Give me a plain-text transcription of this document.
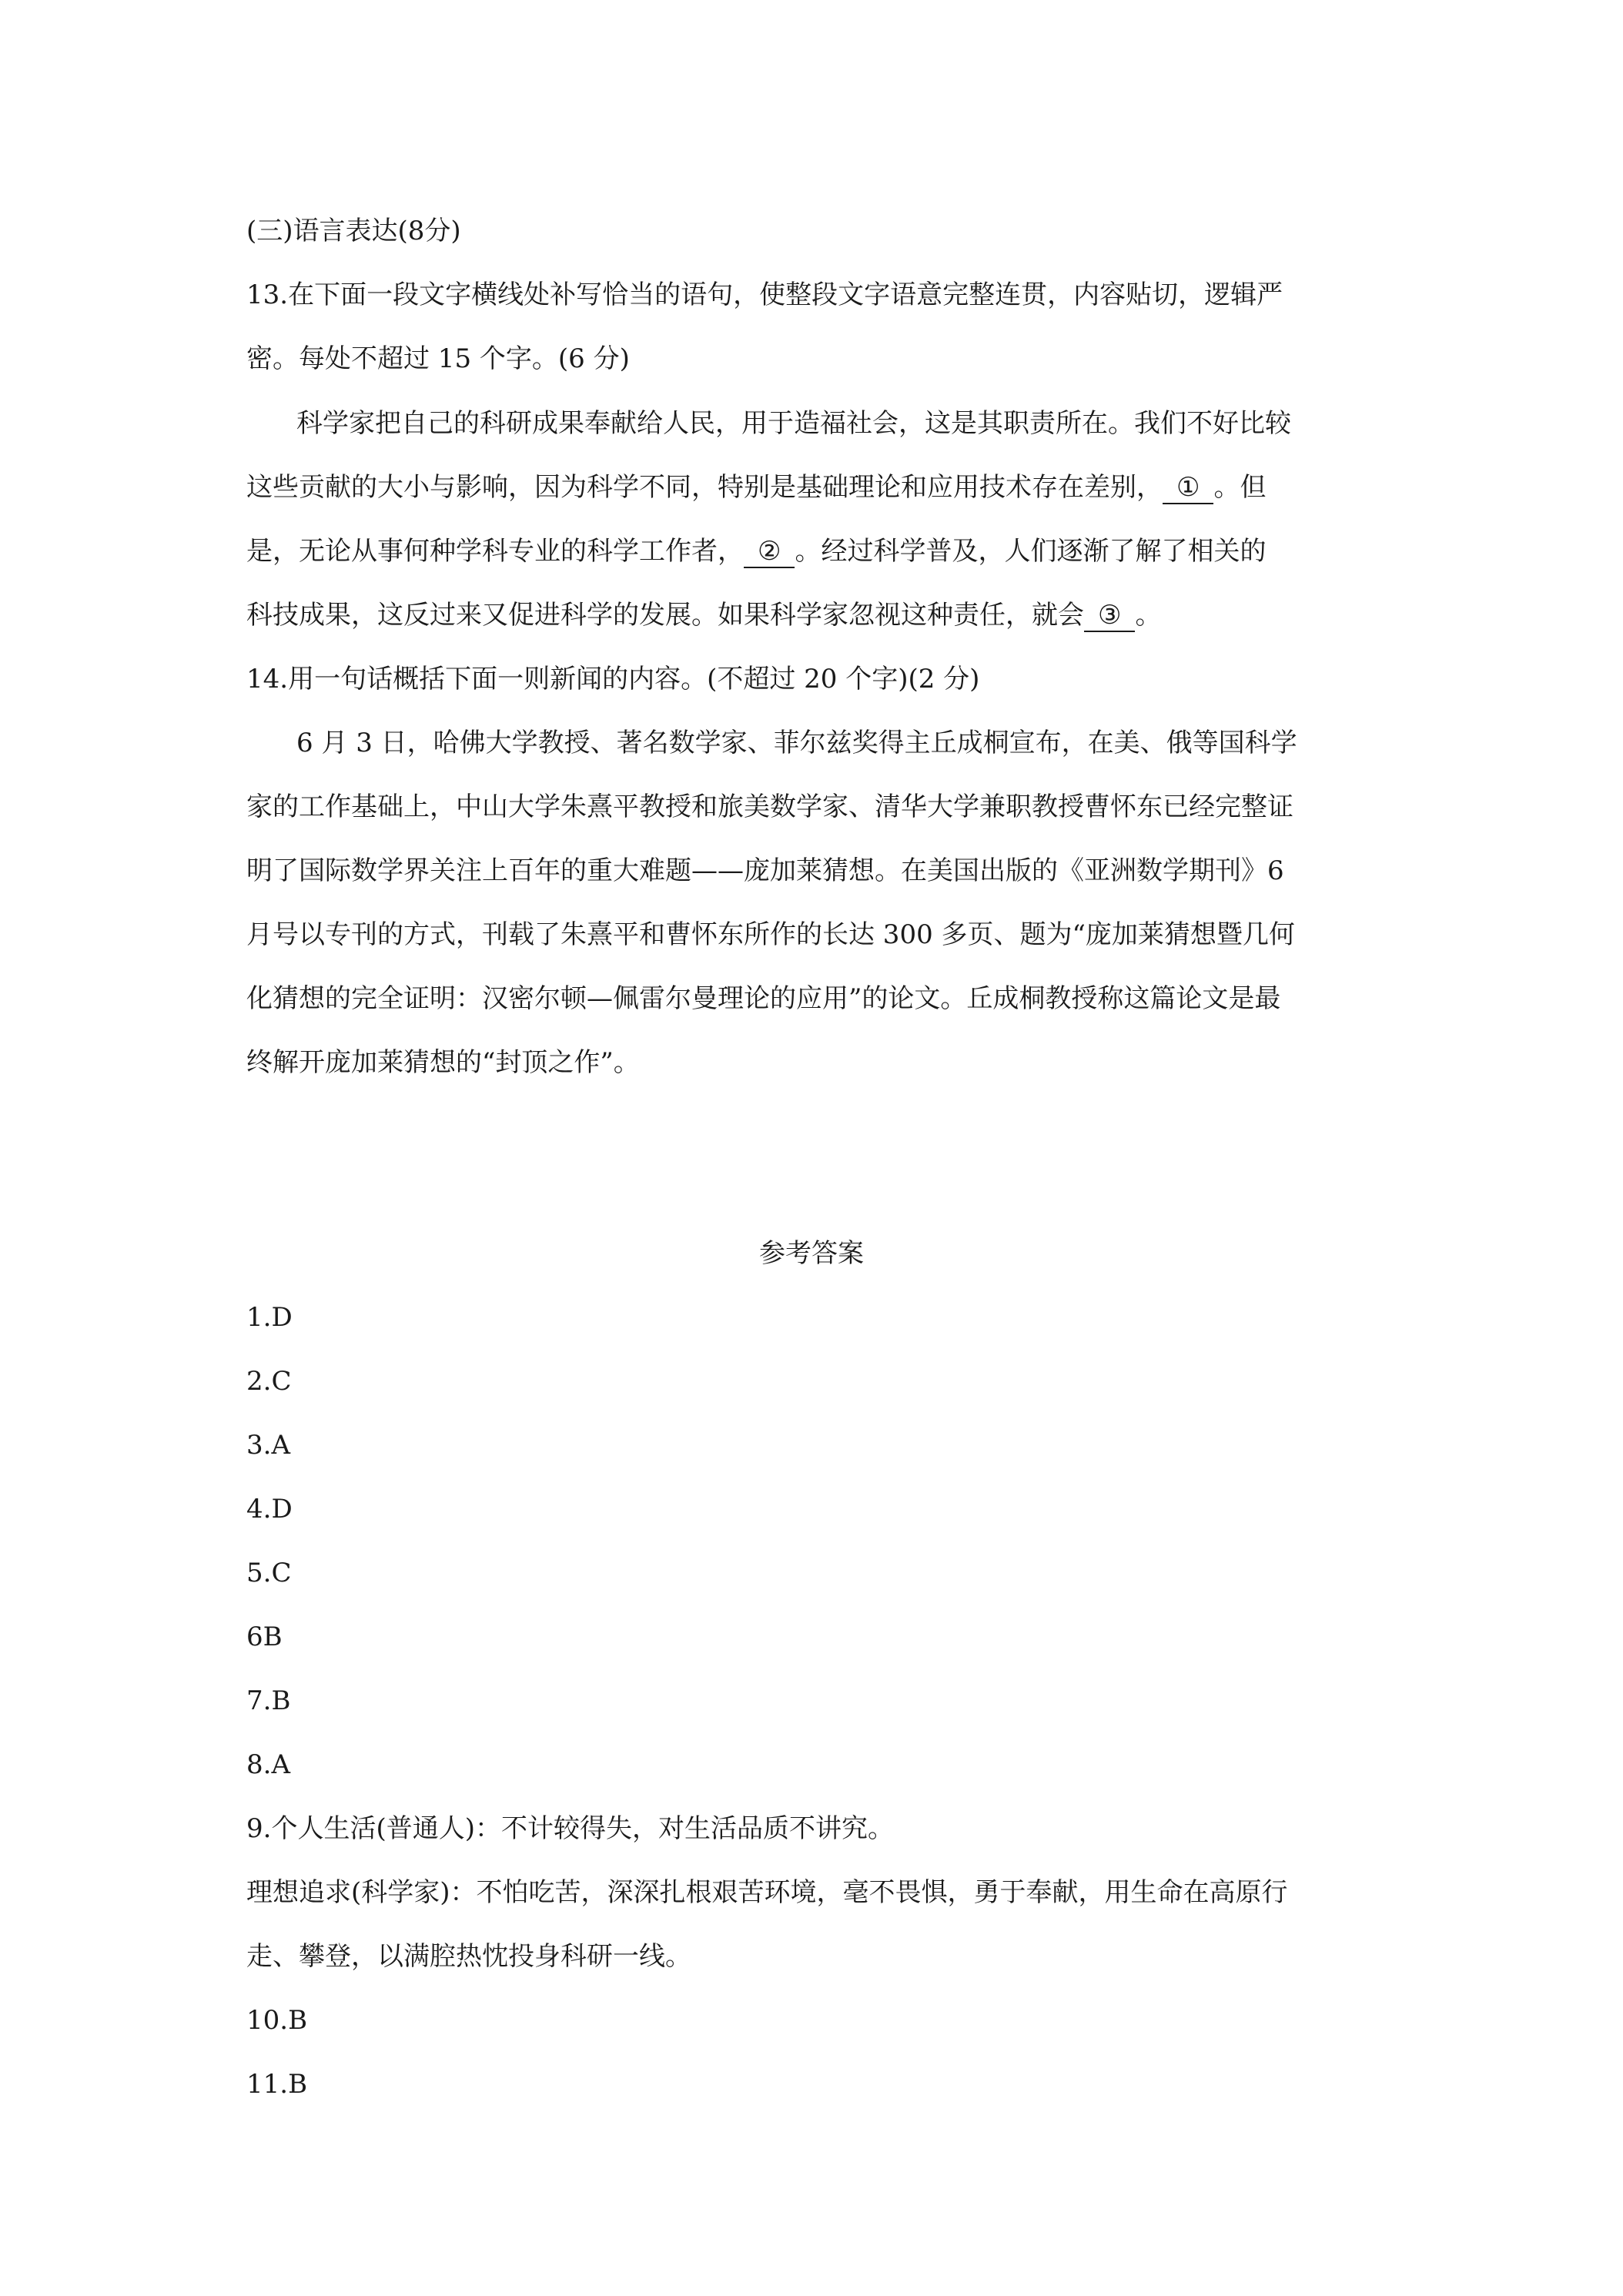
(三)语言表达(8分)
13.在下面一段文字横线处补写恰当的语句，使整段文字语意完整连贯，内容贴切，逻辑严
密。每处不超过 15 个字。(6 分)
科学家把自己的科研成果奉献给人民，用于造福社会，这是其职责所在。我们不好比较
这些贡献的大小与影响，因为科学不同，特别是基础理论和应用技术存在差别， ① 。但
是，无论从事何种学科专业的科学工作者， ② 。经过科学普及，人们逐渐了解了相关的
科技成果，这反过来又促进科学的发展。如果科学家忽视这种责任，就会 ③ 。
14.用一句话概括下面一则新闻的内容。(不超过 20 个字)(2 分)
6 月 3 日，哈佛大学教授、著名数学家、菲尔兹奖得主丘成桐宣布，在美、俄等国科学
家的工作基础上，中山大学朱熹平教授和旅美数学家、清华大学兼职教授曹怀东已经完整证
明了国际数学界关注上百年的重大难题——庞加莱猜想。在美国出版的《亚洲数学期刊》6
月号以专刊的方式，刊载了朱熹平和曹怀东所作的长达 300 多页、题为“庞加莱猜想暨几何
化猜想的完全证明：汉密尔顿—佩雷尔曼理论的应用”的论文。丘成桐教授称这篇论文是最
终解开庞加莱猜想的“封顶之作”。
参考答案
1.D
2.C
3.A
4.D
5.C
6B
7.B
8.A
9.个人生活(普通人)：不计较得失，对生活品质不讲究。
理想追求(科学家)：不怕吃苦，深深扎根艰苦环境，毫不畏惧，勇于奉献，用生命在高原行
走、攀登，以满腔热忱投身科研一线。
10.B
11.B
